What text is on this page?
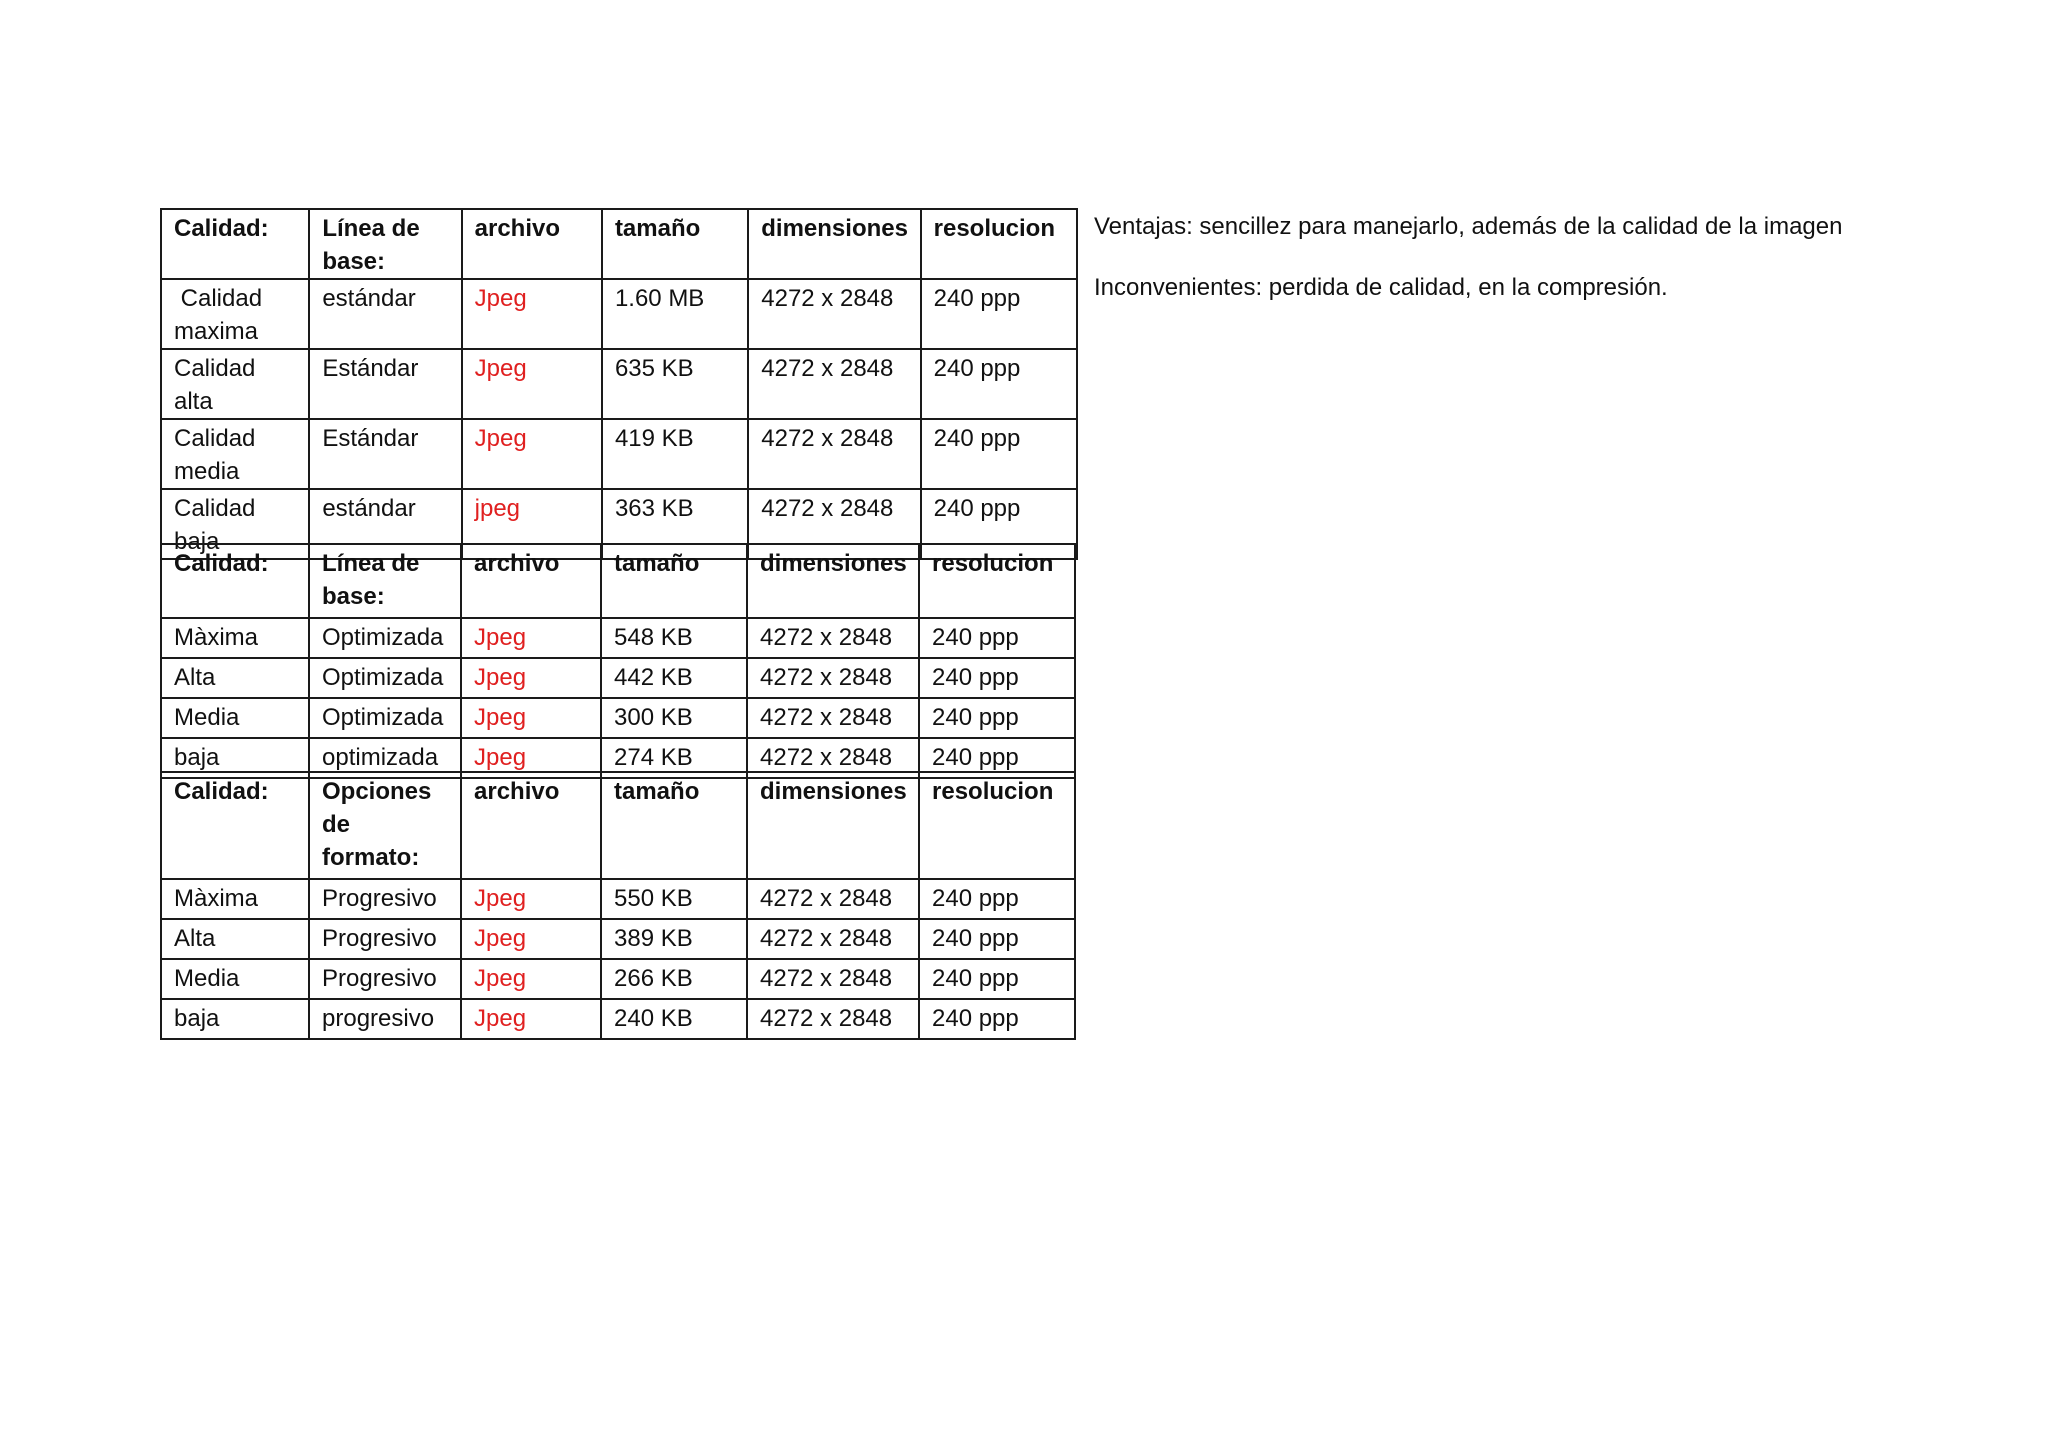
Calidad:	Línea de base:	archivo	tamaño	dimensiones	resolucion
Calidad maxima	estándar	Jpeg	1.60 MB	4272 x 2848	240 ppp
Calidad alta	Estándar	Jpeg	635 KB	4272 x 2848	240 ppp
Calidad media	Estándar	Jpeg	419 KB	4272 x 2848	240 ppp
Calidad baja	estándar	jpeg	363 KB	4272 x 2848	240 ppp
Calidad:	Línea de base:	archivo	tamaño	dimensiones	resolucion
Màxima	Optimizada	Jpeg	548 KB	4272 x 2848	240 ppp
Alta	Optimizada	Jpeg	442 KB	4272 x 2848	240 ppp
Media	Optimizada	Jpeg	300 KB	4272 x 2848	240 ppp
baja	optimizada	Jpeg	274 KB	4272 x 2848	240 ppp
Calidad:	Opciones de formato:	archivo	tamaño	dimensiones	resolucion
Màxima	Progresivo	Jpeg	550 KB	4272 x 2848	240 ppp
Alta	Progresivo	Jpeg	389 KB	4272 x 2848	240 ppp
Media	Progresivo	Jpeg	266 KB	4272 x 2848	240 ppp
baja	progresivo	Jpeg	240 KB	4272 x 2848	240 ppp
Ventajas: sencillez para manejarlo, además de la calidad de la imagen
Inconvenientes: perdida de calidad, en la compresión.
